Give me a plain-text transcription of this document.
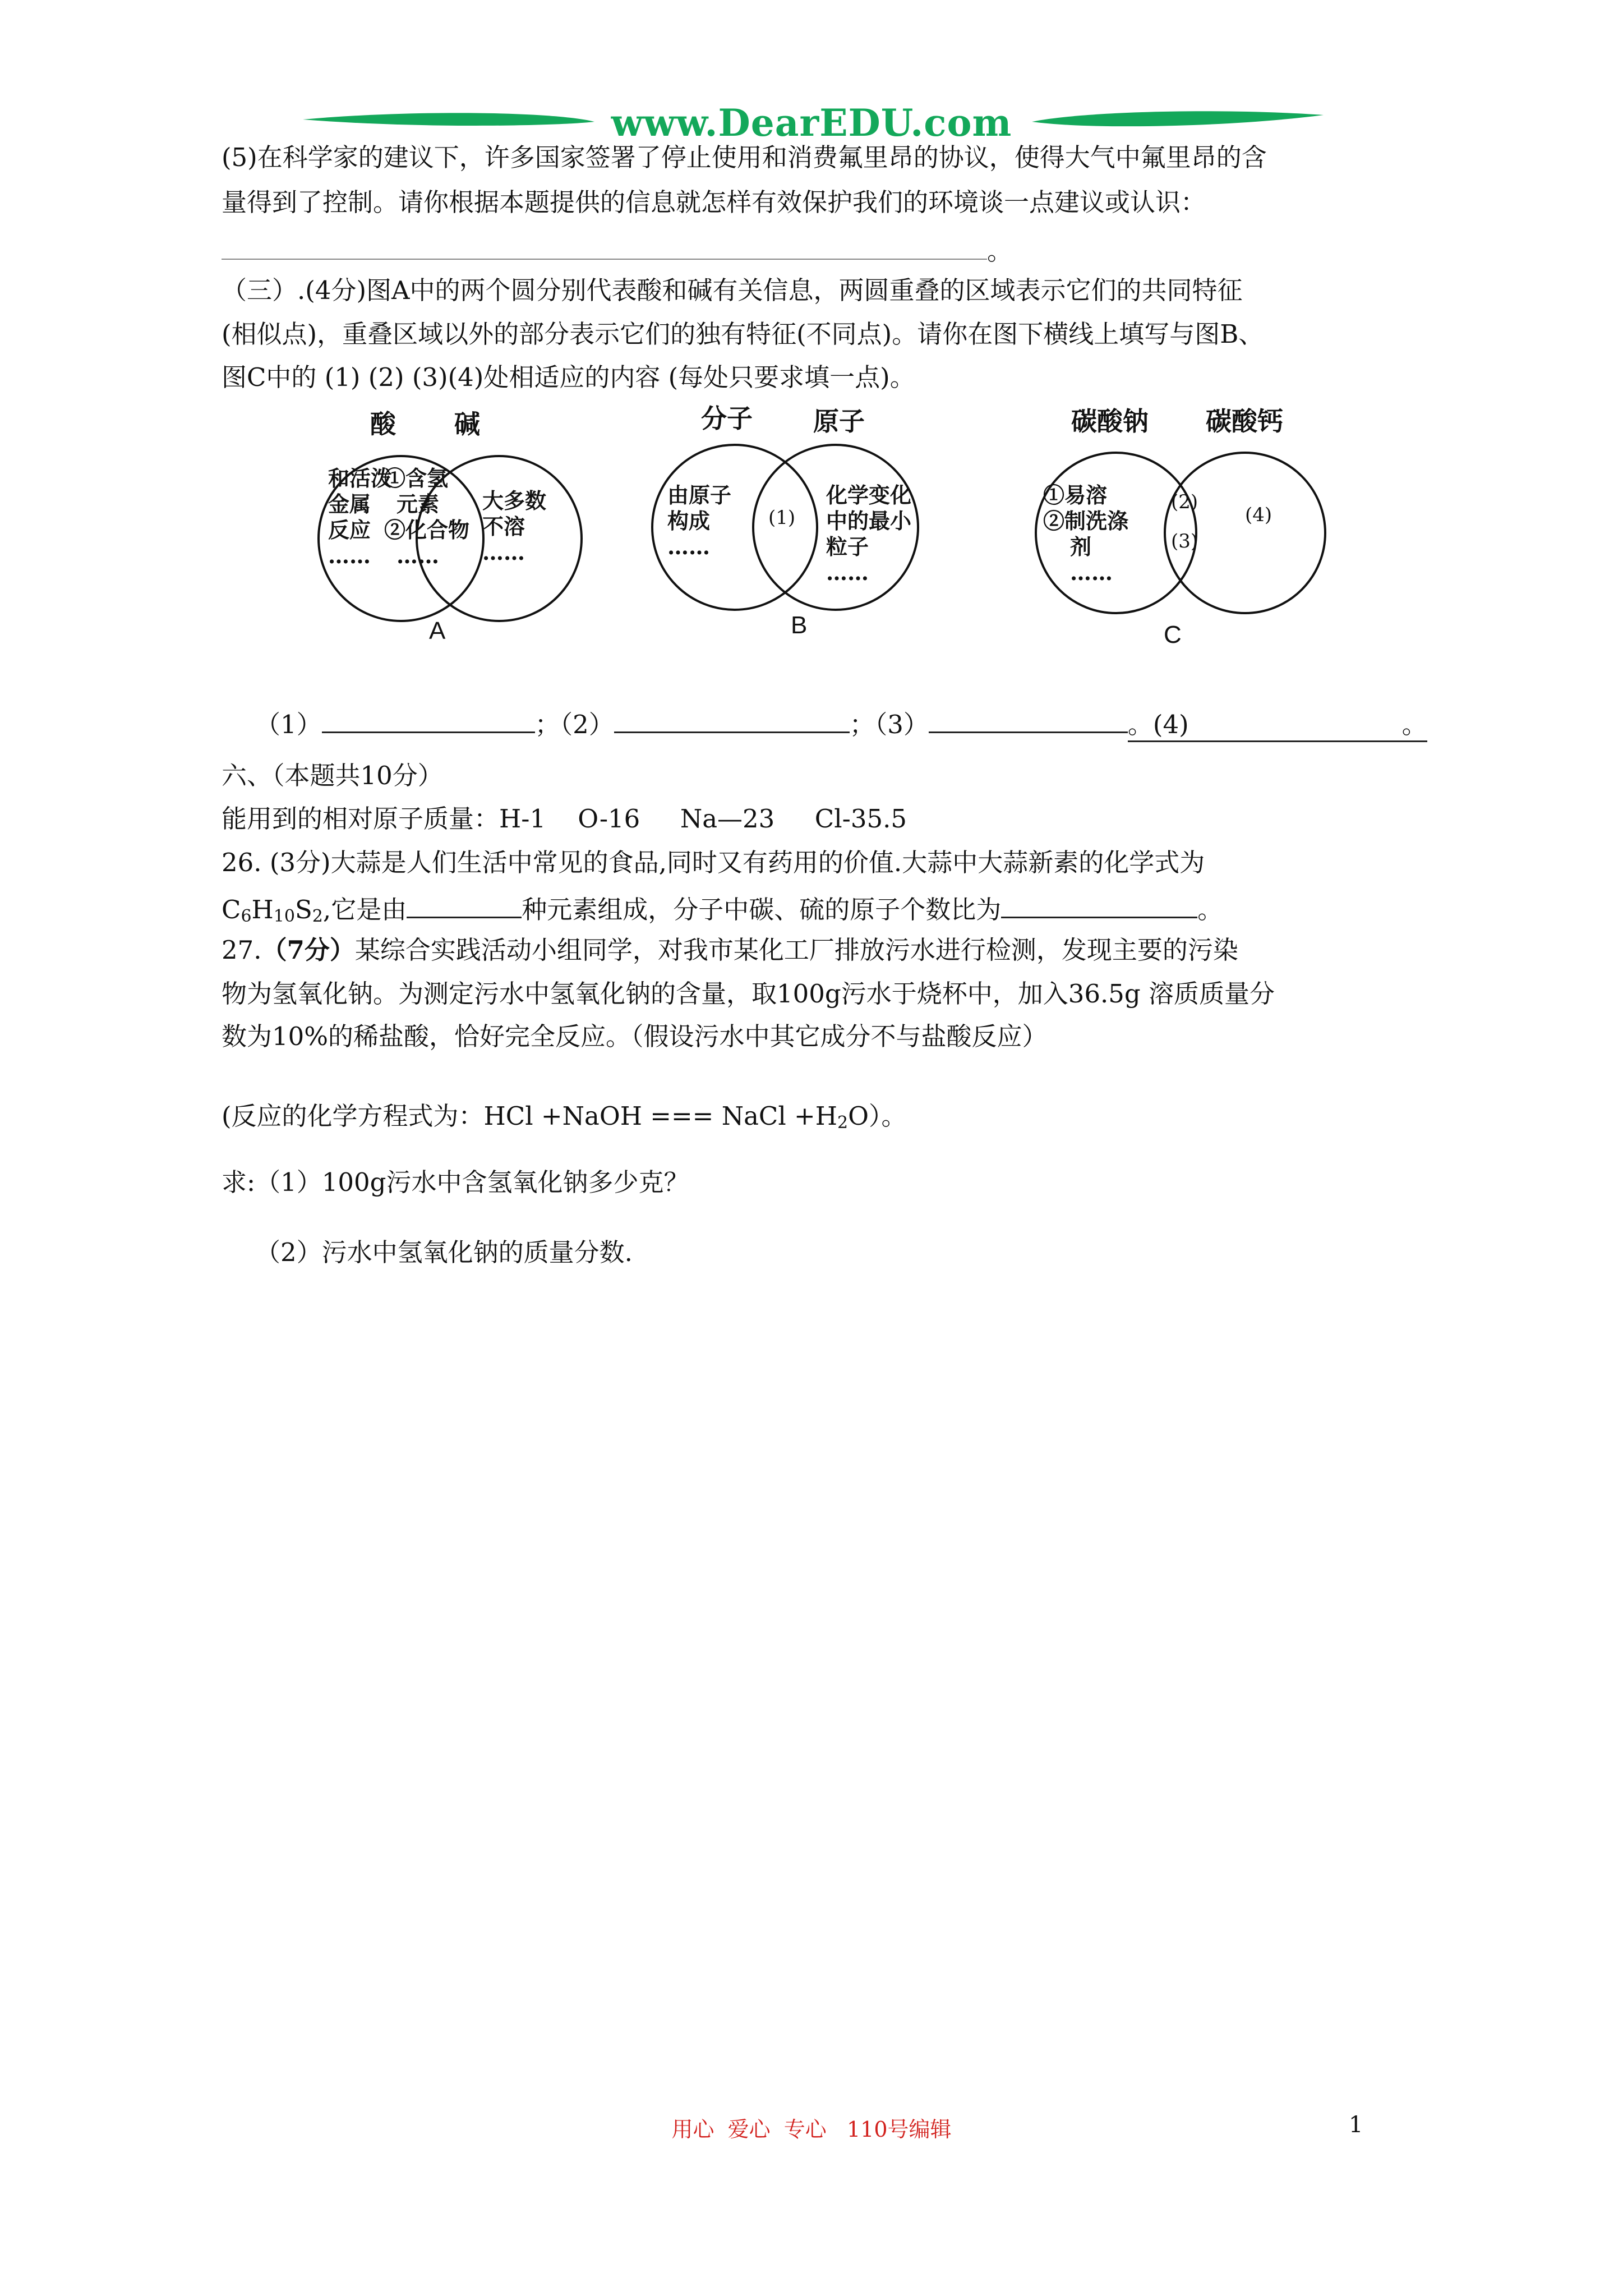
www.DearEDU.com
(5)在科学家的建议下，许多国家签署了停止使用和消费氟里昂的协议，使得大气中氟里昂的含
量得到了控制。请你根据本题提供的信息就怎样有效保护我们的环境谈一点建议或认识：
。
（三）.(4分)图A中的两个圆分别代表酸和碱有关信息，两圆重叠的区域表示它们的共同特征
(相似点)，重叠区域以外的部分表示它们的独有特征(不同点)。请你在图下横线上填写与图B、
图C中的 (1) (2) (3)(4)处相适应的内容 (每处只要求填一点)。
酸 碱
和活泼
金属
反应
……
①含氢
元素
②化合物
……
大多数
不溶
……
A
分子 原子
由原子
构成
……
(1)
化学变化
中的最小
粒子
……
B
碳酸钠 碳酸钙
①易溶
②制洗涤
剂
……
(2)
(3)
(4)
C
（1）	；（2）	；（3）	。(4)	。
六、（本题共10分）
能用到的相对原子质量：H-1    O-16     Na—23     Cl-35.5
26. (3分)大蒜是人们生活中常见的食品,同时又有药用的价值.大蒜中大蒜新素的化学式为
$C_6H_{10}S_2$,它是由	种元素组成，分子中碳、硫的原子个数比为	。
27.（7分）某综合实践活动小组同学，对我市某化工厂排放污水进行检测，发现主要的污染
物为氢氧化钠。为测定污水中氢氧化钠的含量，取100g污水于烧杯中，加入36.5g 溶质质量分
数为10%的稀盐酸，恰好完全反应。（假设污水中其它成分不与盐酸反应）
(反应的化学方程式为：HCl +NaOH === NaCl $+H_2O$）。
求:（1）100g污水中含氢氧化钠多少克？
（2）污水中氢氧化钠的质量分数.
用心  爱心  专心   110号编辑	1
